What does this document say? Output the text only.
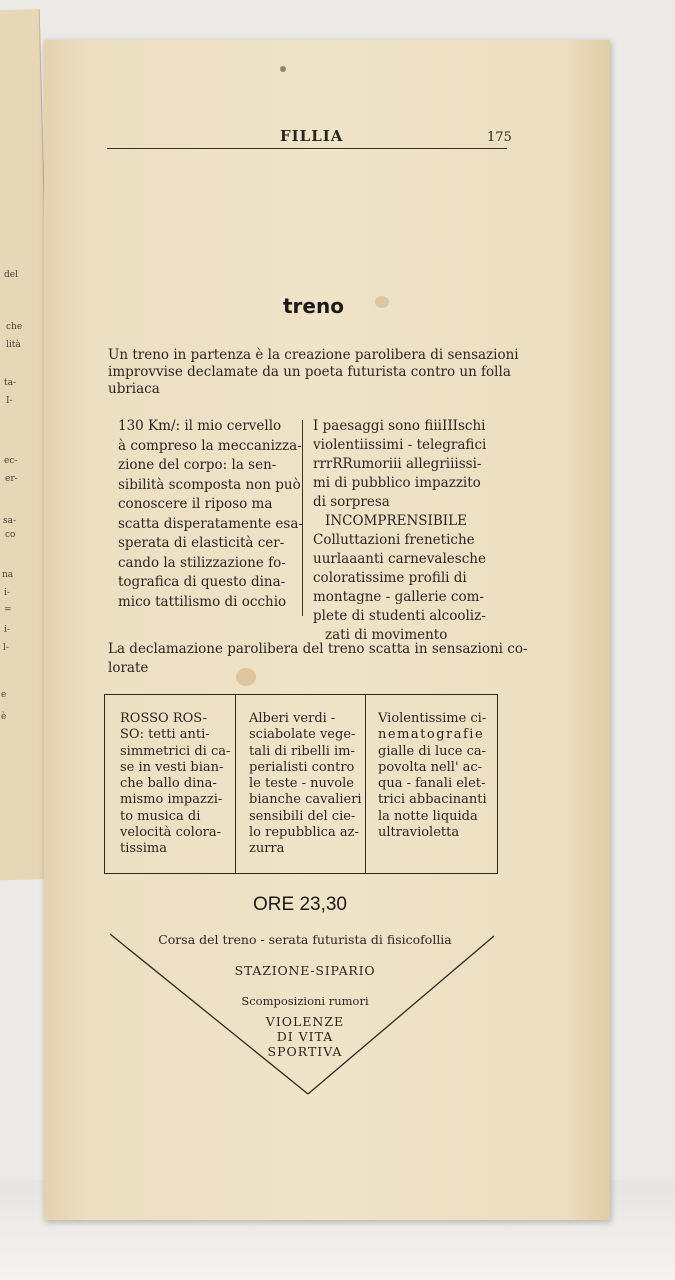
del
che
lità
ta-
I-
ec-
er-
sa-
co
na
i-
=
i-
l-
e
è
FILLIA	175
treno
Un treno in partenza è la creazione parolibera di sensazioni
improvvise declamate da un poeta futurista contro un folla
ubriaca
130 Km/: il mio cervello
à compreso la meccanizza-
zione del corpo: la sen-
sibilità scomposta non può
conoscere il riposo ma
scatta disperatamente esa-
sperata di elasticità cer-
cando la stilizzazione fo-
tografica di questo dina-
mico tattilismo di occhio
I paesaggi sono fiiiIIIschi
violentiissimi - telegrafici
rrrRRumoriii allegriiissi-
mi di pubblico impazzito
di sorpresa
INCOMPRENSIBILE
Colluttazioni frenetiche
uurlaaanti carnevalesche
coloratissime profili di
montagne - gallerie com-
plete di studenti alcooliz-
zati di movimento
La declamazione parolibera del treno scatta in sensazioni co-
lorate
ROSSO ROS-
SO: tetti anti-
simmetrici di ca-
se in vesti bian-
che ballo dina-
mismo impazzi-
to musica di
velocità colora-
tissima
Alberi verdi -
sciabolate vege-
tali di ribelli im-
perialisti contro
le teste - nuvole
bianche cavalieri
sensibili del cie-
lo repubblica az-
zurra
Violentissime ci-
nematografie
gialle di luce ca-
povolta nell' ac-
qua - fanali elet-
trici abbacinanti
la notte liquida
ultravioletta
ORE 23,30
Corsa del treno - serata futurista di fisicofollia
STAZIONE-SIPARIO
Scomposizioni rumori
VIOLENZE
DI VITA
SPORTIVA
